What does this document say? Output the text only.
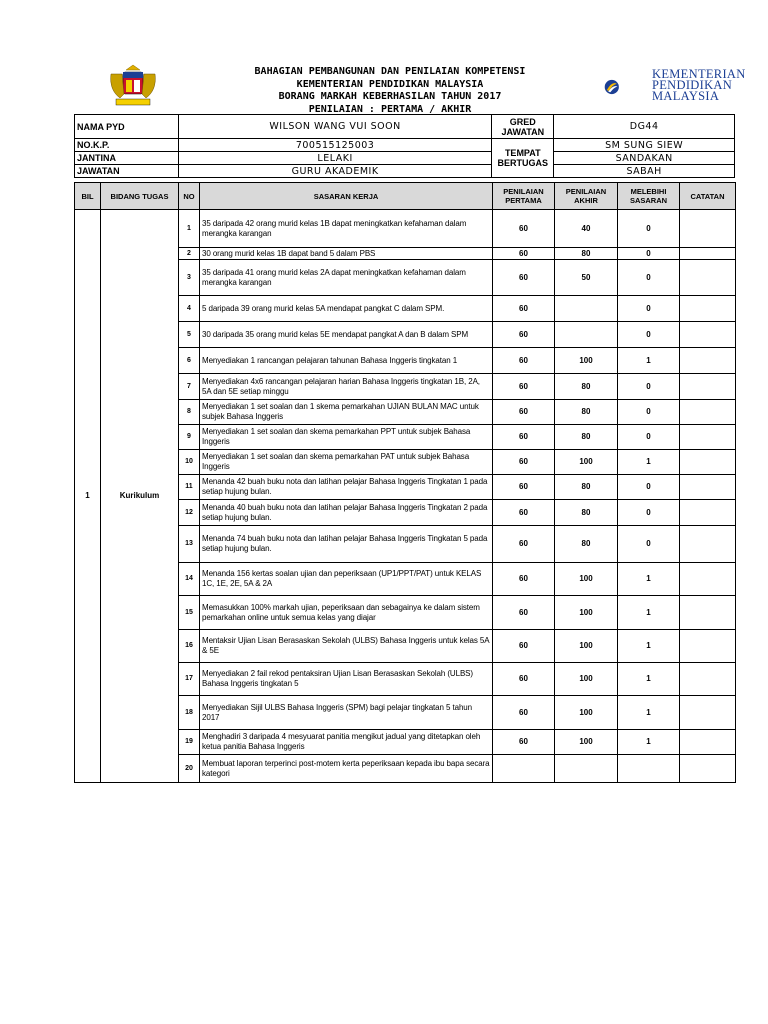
KEMENTERIAN
PENDIDIKAN
MALAYSIA
BAHAGIAN PEMBANGUNAN DAN PENILAIAN KOMPETENSI
KEMENTERIAN PENDIDIKAN MALAYSIA
BORANG MARKAH KEBERHASILAN TAHUN 2017
PENILAIAN : PERTAMA / AKHIR
NAMA PYD	WILSON WANG VUI SOON	GRED JAWATAN	DG44
NO.K.P.	700515125003	TEMPAT BERTUGAS	SM SUNG SIEW
JANTINA	LELAKI		SANDAKAN
JAWATAN	GURU AKADEMIK		SABAH
BIL	BIDANG TUGAS	NO	SASARAN KERJA	PENILAIAN PERTAMA	PENILAIAN AKHIR	MELEBIHI SASARAN	CATATAN
1	Kurikulum	1	35 daripada 42 orang murid kelas 1B dapat meningkatkan kefahaman dalam merangka karangan	60	40	0	
		2	30 orang murid kelas 1B dapat band 5 dalam PBS	60	80	0	
		3	35 daripada 41 orang murid kelas 2A dapat meningkatkan kefahaman dalam merangka karangan	60	50	0	
		4	5 daripada 39 orang murid kelas 5A mendapat pangkat C dalam SPM.	60		0	
		5	30 daripada 35 orang murid kelas 5E mendapat pangkat A dan B dalam SPM	60		0	
		6	Menyediakan 1 rancangan pelajaran tahunan Bahasa Inggeris tingkatan 1	60	100	1	
		7	Menyediakan 4x6 rancangan pelajaran harian Bahasa Inggeris tingkatan 1B, 2A, 5A dan 5E setiap minggu	60	80	0	
		8	Menyediakan 1 set soalan dan 1 skema pemarkahan UJIAN BULAN MAC untuk subjek Bahasa Inggeris	60	80	0	
		9	Menyediakan 1 set soalan dan skema pemarkahan PPT untuk subjek Bahasa Inggeris	60	80	0	
		10	Menyediakan 1 set soalan dan skema pemarkahan PAT untuk subjek Bahasa Inggeris	60	100	1	
		11	Menanda 42 buah buku nota dan latihan pelajar Bahasa Inggeris Tingkatan 1 pada setiap hujung bulan.	60	80	0	
		12	Menanda 40 buah buku nota dan latihan pelajar Bahasa Inggeris Tingkatan 2 pada setiap hujung bulan.	60	80	0	
		13	Menanda 74 buah buku nota dan latihan pelajar Bahasa Inggeris Tingkatan 5 pada setiap hujung bulan.	60	80	0	
		14	Menanda 156 kertas soalan ujian dan peperiksaan (UP1/PPT/PAT) untuk KELAS 1C, 1E, 2E, 5A & 2A	60	100	1	
		15	Memasukkan 100% markah ujian, peperiksaan dan sebagainya ke dalam sistem pemarkahan online untuk semua kelas yang diajar	60	100	1	
		16	Mentaksir Ujian Lisan Berasaskan Sekolah (ULBS) Bahasa Inggeris untuk kelas 5A & 5E	60	100	1	
		17	Menyediakan 2 fail rekod pentaksiran Ujian Lisan Berasaskan Sekolah (ULBS) Bahasa Inggeris tingkatan 5	60	100	1	
		18	Menyediakan Sijil ULBS Bahasa Inggeris (SPM) bagi pelajar tingkatan 5 tahun 2017	60	100	1	
		19	Menghadiri 3 daripada 4 mesyuarat panitia mengikut jadual yang ditetapkan oleh ketua panitia Bahasa Inggeris	60	100	1	
		20	Membuat laporan terperinci post-motem kerta peperiksaan kepada ibu bapa secara kategori				
